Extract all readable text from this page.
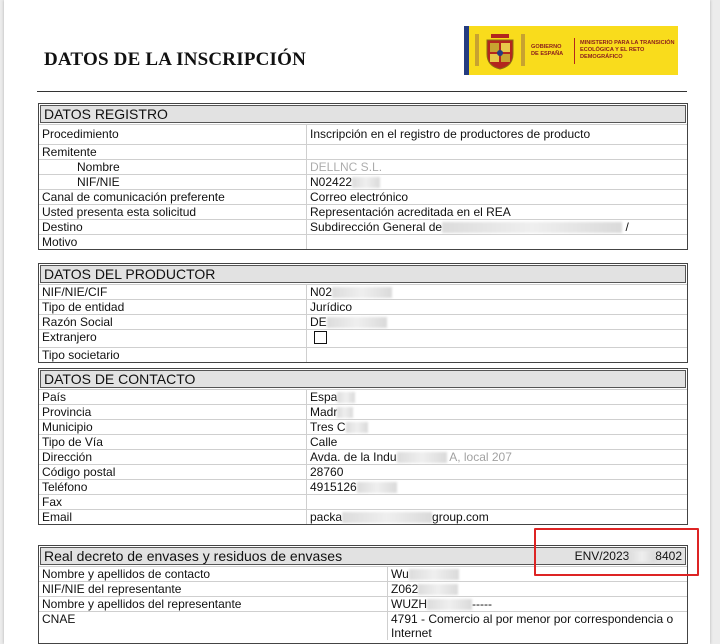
DATOS DE LA INSCRIPCIÓN
GOBIERNO DE ESPAÑA
MINISTERIO PARA LA TRANSICIÓN ECOLÓGICA Y EL RETO DEMOGRÁFICO
DATOS REGISTRO
Procedimiento	Inscripción en el registro de productores de producto
Remitente
Nombre	DELLNC S.L.
NIF/NIE	N02422
Canal de comunicación preferente	Correo electrónico
Usted presenta esta solicitud	Representación acreditada en el REA
Destino	Subdirección General de	/
Motivo
DATOS DEL PRODUCTOR
NIF/NIE/CIF	N02
Tipo de entidad	Jurídico
Razón Social	DE
Extranjero
Tipo societario
DATOS DE CONTACTO
País	Espa
Provincia	Madr
Municipio	Tres C
Tipo de Vía	Calle
Dirección	Avda. de la Indu	A, local 207
Código postal	28760
Teléfono	4915126
Fax
Email	packa	group.com
Real decreto de envases y residuos de envases	ENV/2023 8402
Nombre y apellidos de contacto	Wu
NIF/NIE del representante	Z062
Nombre y apellidos del representante	WUZH	-----
CNAE	4791 - Comercio al por menor por correspondencia o Internet
